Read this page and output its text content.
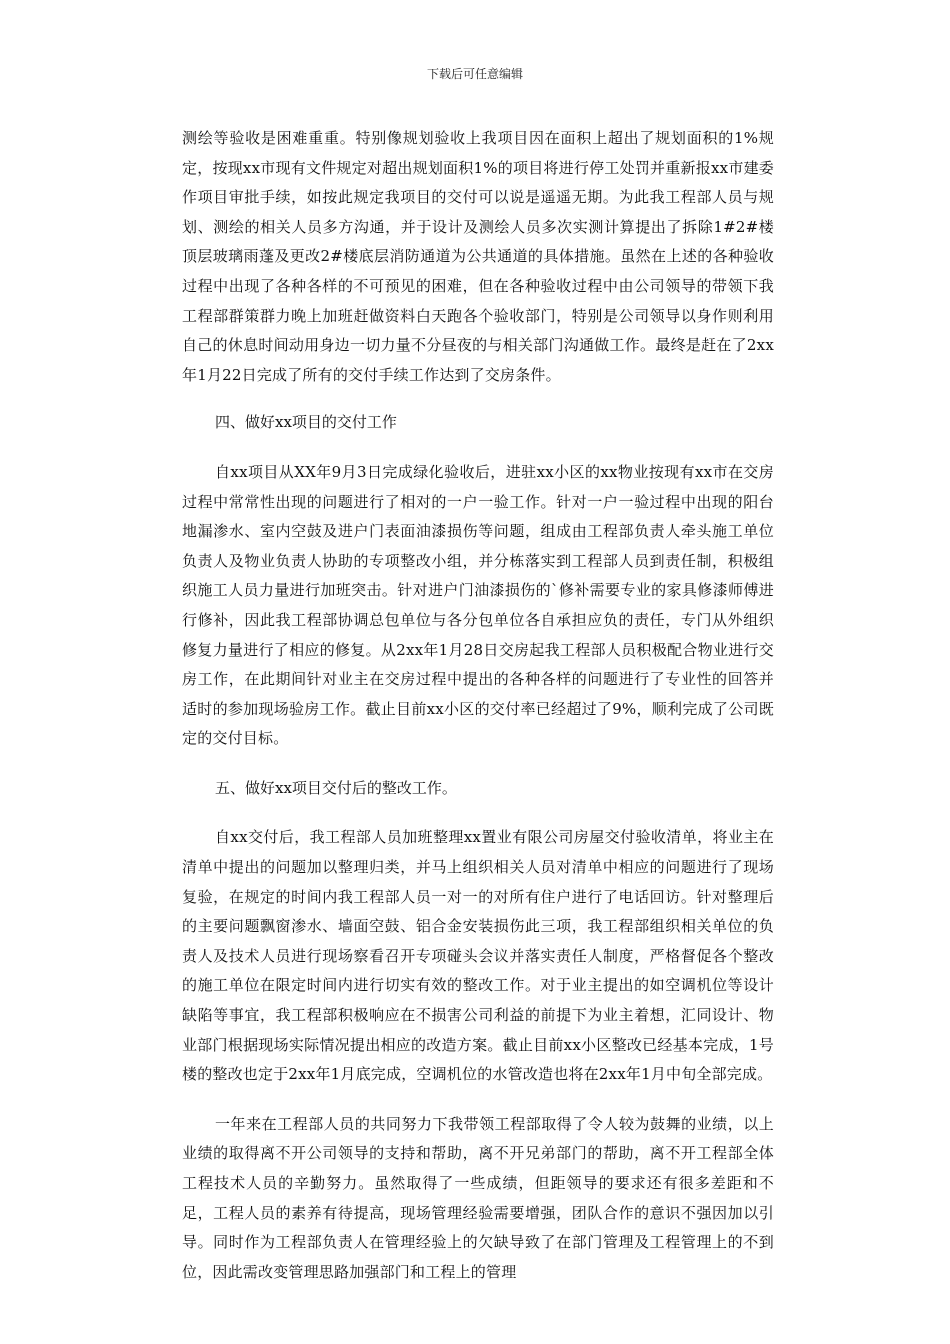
下载后可任意编辑

测绘等验收是困难重重。特别像规划验收上我项目因在面积上超出了规划面积的1%规定，按现xx市现有文件规定对超出规划面积1%的项目将进行停工处罚并重新报xx市建委作项目审批手续，如按此规定我项目的交付可以说是遥遥无期。为此我工程部人员与规划、测绘的相关人员多方沟通，并于设计及测绘人员多次实测计算提出了拆除1#2#楼顶层玻璃雨蓬及更改2#楼底层消防通道为公共通道的具体措施。虽然在上述的各种验收过程中出现了各种各样的不可预见的困难，但在各种验收过程中由公司领导的带领下我工程部群策群力晚上加班赶做资料白天跑各个验收部门，特别是公司领导以身作则利用自己的休息时间动用身边一切力量不分昼夜的与相关部门沟通做工作。最终是赶在了2xx年1月22日完成了所有的交付手续工作达到了交房条件。

四、做好xx项目的交付工作

自xx项目从XX年9月3日完成绿化验收后，进驻xx小区的xx物业按现有xx市在交房过程中常常性出现的问题进行了相对的一户一验工作。针对一户一验过程中出现的阳台地漏渗水、室内空鼓及进户门表面油漆损伤等问题，组成由工程部负责人牵头施工单位负责人及物业负责人协助的专项整改小组，并分栋落实到工程部人员到责任制，积极组织施工人员力量进行加班突击。针对进户门油漆损伤的`修补需要专业的家具修漆师傅进行修补，因此我工程部协调总包单位与各分包单位各自承担应负的责任，专门从外组织修复力量进行了相应的修复。从2xx年1月28日交房起我工程部人员积极配合物业进行交房工作，在此期间针对业主在交房过程中提出的各种各样的问题进行了专业性的回答并适时的参加现场验房工作。截止目前xx小区的交付率已经超过了9%，顺利完成了公司既定的交付目标。

五、做好xx项目交付后的整改工作。

自xx交付后，我工程部人员加班整理xx置业有限公司房屋交付验收清单，将业主在清单中提出的问题加以整理归类，并马上组织相关人员对清单中相应的问题进行了现场复验，在规定的时间内我工程部人员一对一的对所有住户进行了电话回访。针对整理后的主要问题飘窗渗水、墙面空鼓、铝合金安装损伤此三项，我工程部组织相关单位的负责人及技术人员进行现场察看召开专项碰头会议并落实责任人制度，严格督促各个整改的施工单位在限定时间内进行切实有效的整改工作。对于业主提出的如空调机位等设计缺陷等事宜，我工程部积极响应在不损害公司利益的前提下为业主着想，汇同设计、物业部门根据现场实际情况提出相应的改造方案。截止目前xx小区整改已经基本完成，1号楼的整改也定于2xx年1月底完成，空调机位的水管改造也将在2xx年1月中旬全部完成。

一年来在工程部人员的共同努力下我带领工程部取得了令人较为鼓舞的业绩，以上业绩的取得离不开公司领导的支持和帮助，离不开兄弟部门的帮助，离不开工程部全体工程技术人员的辛勤努力。虽然取得了一些成绩，但距领导的要求还有很多差距和不足，工程人员的素养有待提高，现场管理经验需要增强，团队合作的意识不强因加以引导。同时作为工程部负责人在管理经验上的欠缺导致了在部门管理及工程管理上的不到位，因此需改变管理思路加强部门和工程上的管理
